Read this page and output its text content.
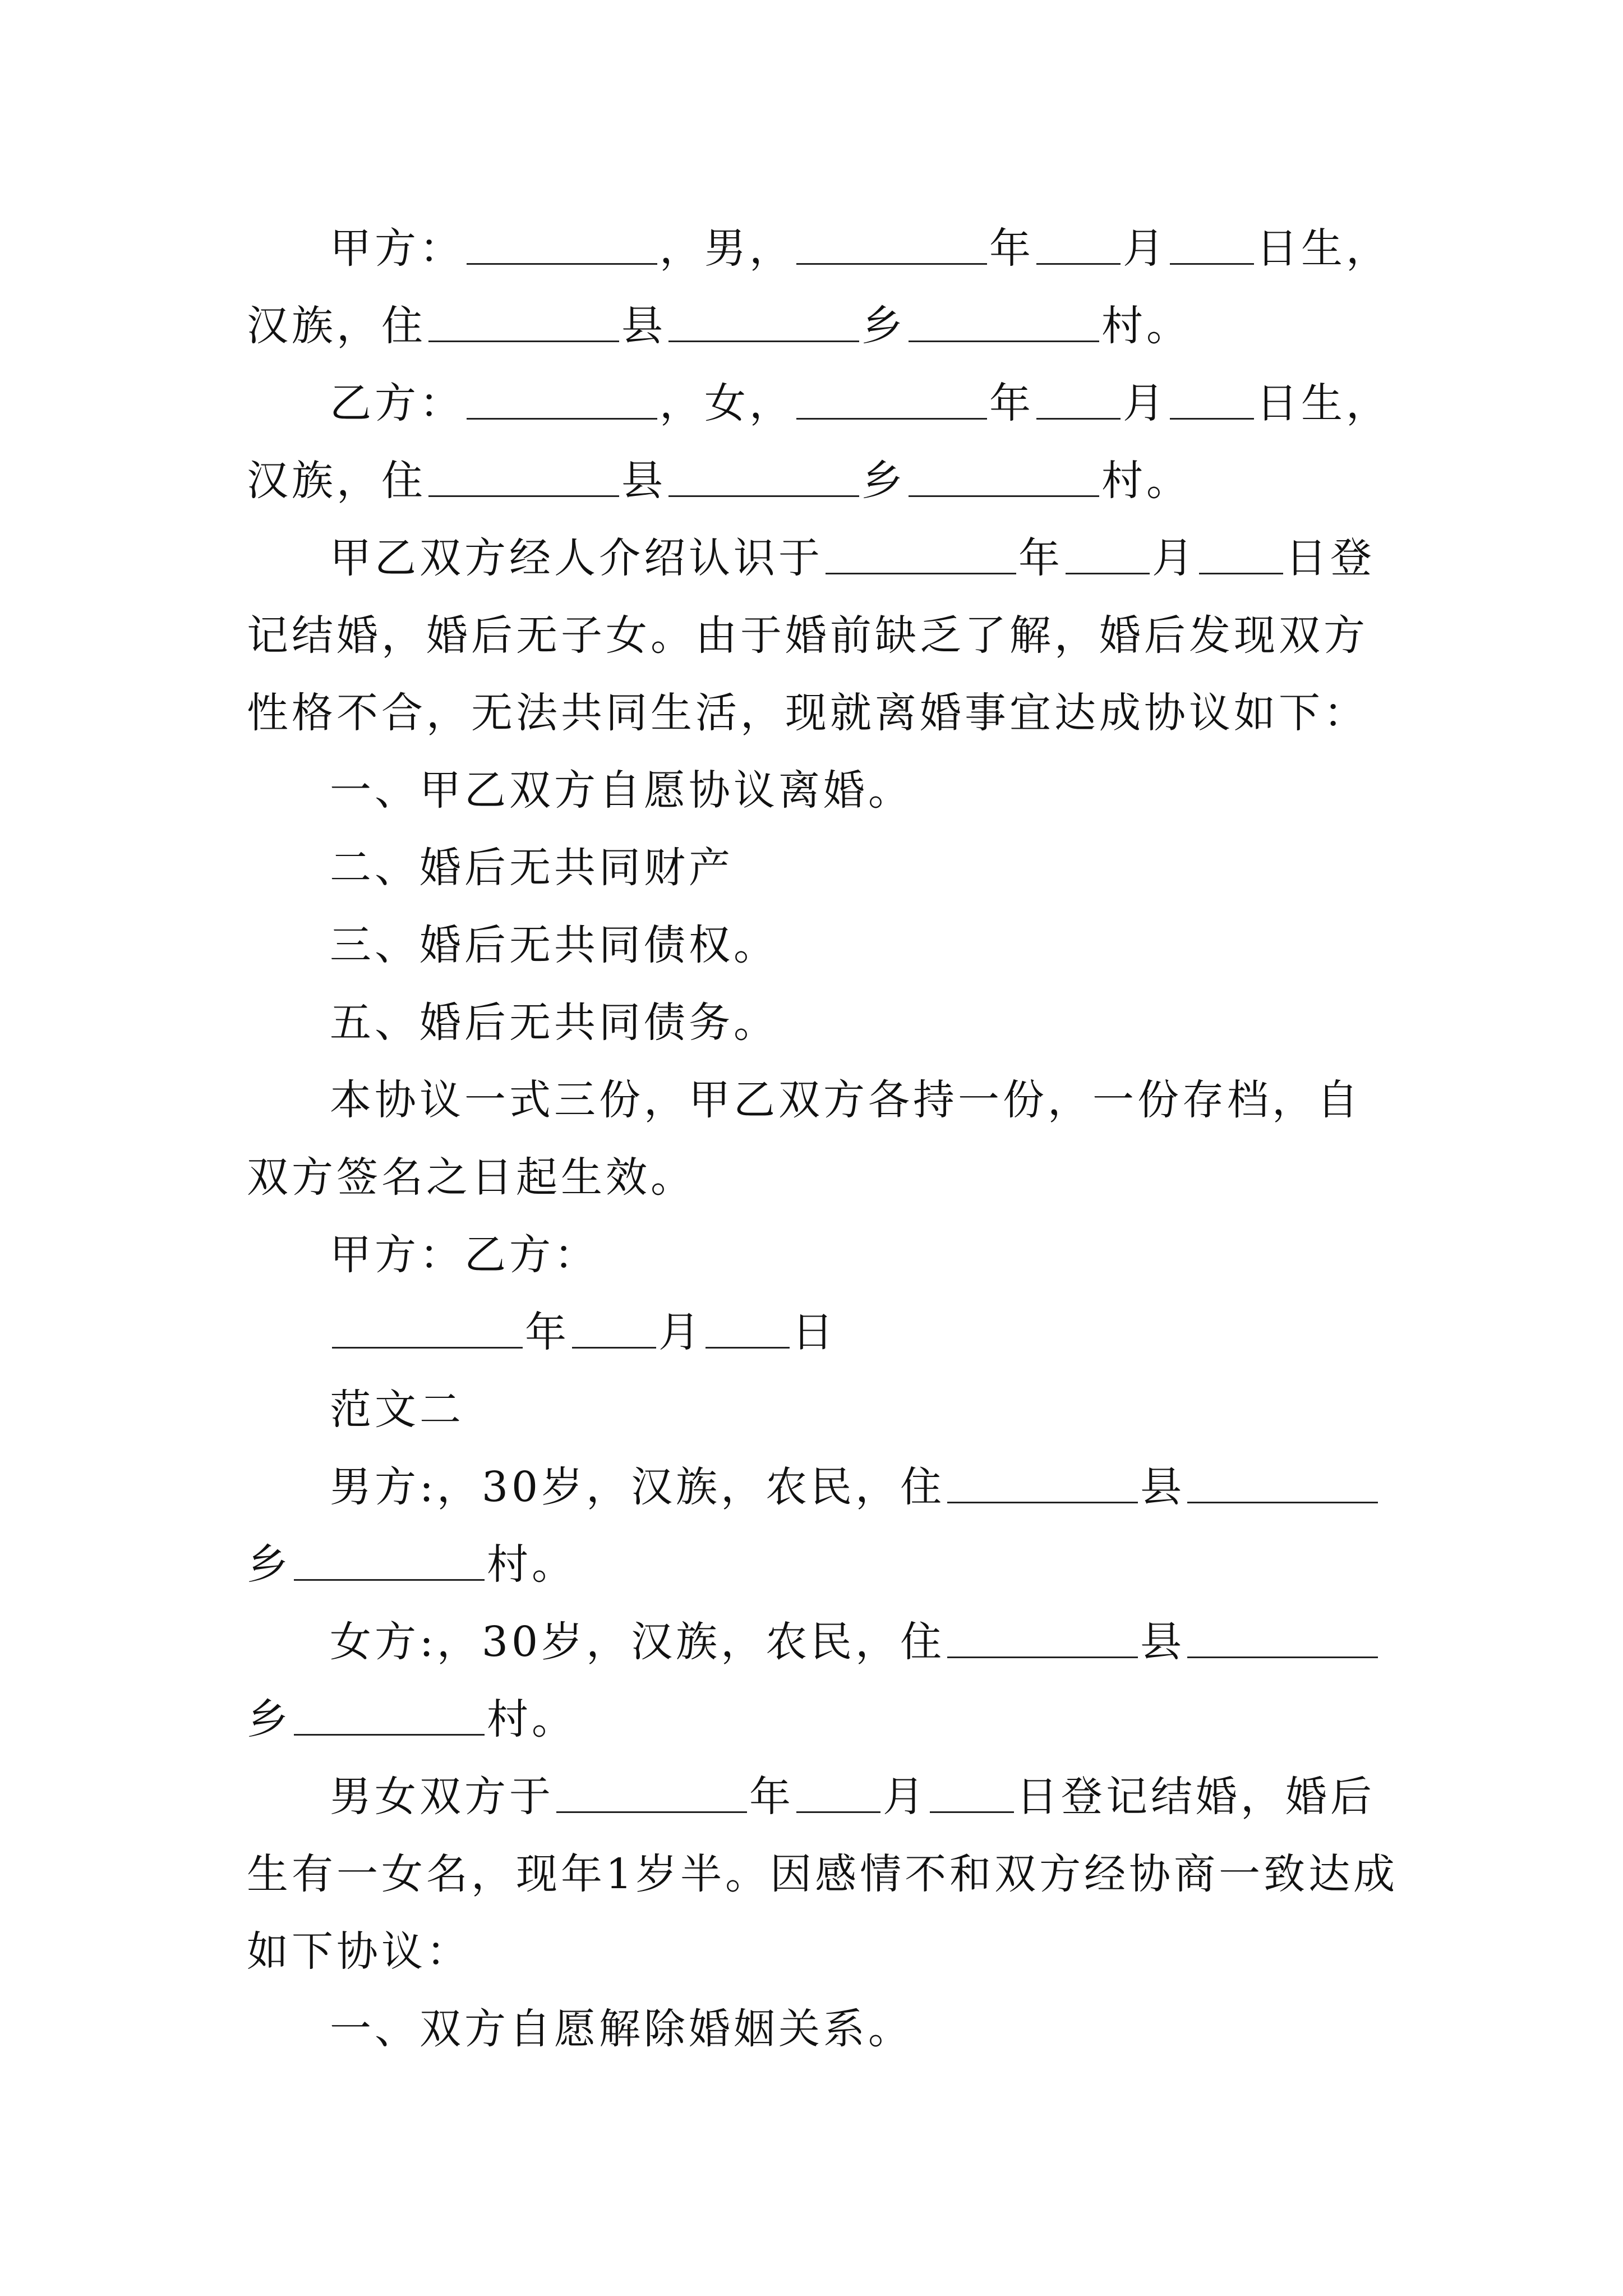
甲方：	，男，	年 月 日生，汉族，住	县	乡	村。

乙方：	，女，	年 月 日生，汉族，住	县	乡	村。

甲乙双方经人介绍认识于	年 月 日登记结婚，婚后无子女。由于婚前缺乏了解，婚后发现双方性格不合，无法共同生活，现就离婚事宜达成协议如下：

一、甲乙双方自愿协议离婚。

二、婚后无共同财产

三、婚后无共同债权。

五、婚后无共同债务。

本协议一式三份，甲乙双方各持一份，一份存档，自双方签名之日起生效。

甲方：乙方：

年 月 日

范文二

男方:，30岁，汉族，农民，住	县乡	村。

女方:，30岁，汉族，农民，住	县乡	村。

男女双方于	年 月 日登记结婚，婚后生有一女名，现年1岁半。因感情不和双方经协商一致达成如下协议：

一、双方自愿解除婚姻关系。
